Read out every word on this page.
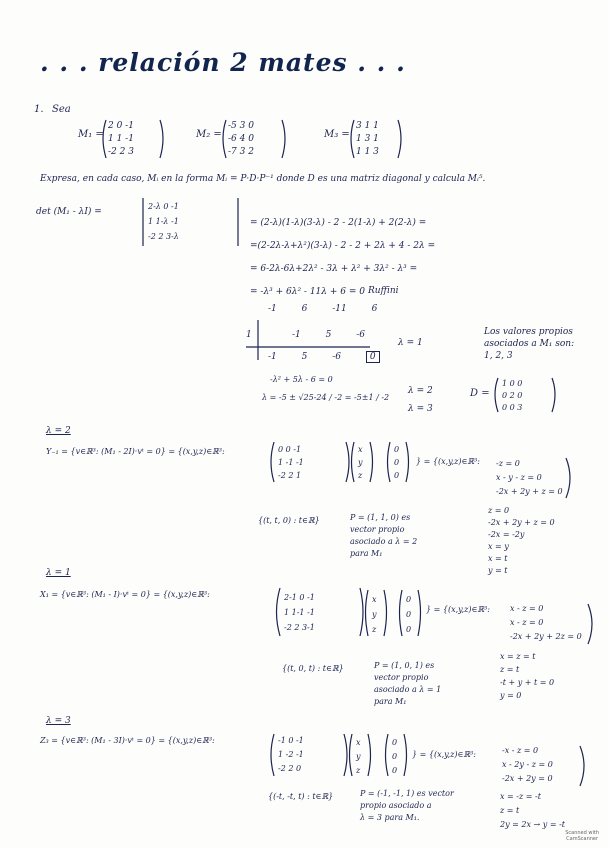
. . . relación 2 mates . . .
1. Sea
M₁ =
2 0 -1
1 1 -1
-2 2 3
M₂ =
-5 3 0
-6 4 0
-7 3 2
M₃ =
3 1 1
1 3 1
1 1 3
Expresa, en cada caso, Mᵢ en la forma Mᵢ = P·D·P⁻¹ donde D es una matriz diagonal y calcula Mᵢ⁵.
det (M₁ - λI) =
2-λ 0 -1
1 1-λ -1
-2 2 3-λ
= (2-λ)(1-λ)(3-λ) - 2 - 2(1-λ) + 2(2-λ) =
=(2-2λ-λ+λ²)(3-λ) - 2 - 2 + 2λ + 4 - 2λ =
= 6-2λ-6λ+2λ² - 3λ + λ² + 3λ² - λ³ =
= -λ³ + 6λ² - 11λ + 6 = 0 Ruffini
-1	6	-11	6
1	-1	5	-6
-1	5	-6	0
λ = 1
-λ² + 5λ - 6 = 0
λ = -5 ± √25-24 / -2 = -5±1 / -2
λ = 2
λ = 3
Los valores propios
asociados a M₁ son:
1, 2, 3
D =
1 0 0
0 2 0
0 0 3
λ = 2
Y₋₁ = {v∈ℝ³: (M₁ - 2I)·vᵗ = 0} = {(x,y,z)∈ℝ³:	0 0 -1
1 -1 -1
-2 2 1
x
y
z
0
0
0
} = {(x,y,z)∈ℝ³: -z = 0
x - y - z = 0
-2x + 2y + z = 0
z = 0
-2x + 2y + z = 0
-2x = -2y
x = y
x = t
y = t
{(t, t, 0) : t∈ℝ}	P = (1, 1, 0) es
vector propio
asociado a λ = 2
para M₁
λ = 1
X₁ = {v∈ℝ³: (M₁ - I)·vᵗ = 0} = {(x,y,z)∈ℝ³:	2-1 0 -1
1 1-1 -1
-2 2 3-1
x
y
z
0
0
0
} = {(x,y,z)∈ℝ³:	x - z = 0
x - z = 0
-2x + 2y + 2z = 0
x = z = t
z = t
-t + y + t = 0
y = 0
{(t, 0, t) : t∈ℝ}	P = (1, 0, 1) es
vector propio
asociado a λ = 1
para M₁
λ = 3
Z₃ = {v∈ℝ³: (M₁ - 3I)·vᵗ = 0} = {(x,y,z)∈ℝ³:	-1 0 -1
1 -2 -1
-2 2 0
x
y
z
0
0
0
} = {(x,y,z)∈ℝ³:	-x - z = 0
x - 2y - z = 0
-2x + 2y = 0
x = -z = -t
z = t
2y = 2x → y = -t
{(-t, -t, t) : t∈ℝ}	P = (-1, -1, 1) es vector
propio asociado a
λ = 3 para M₁.
Scanned with
CamScanner
